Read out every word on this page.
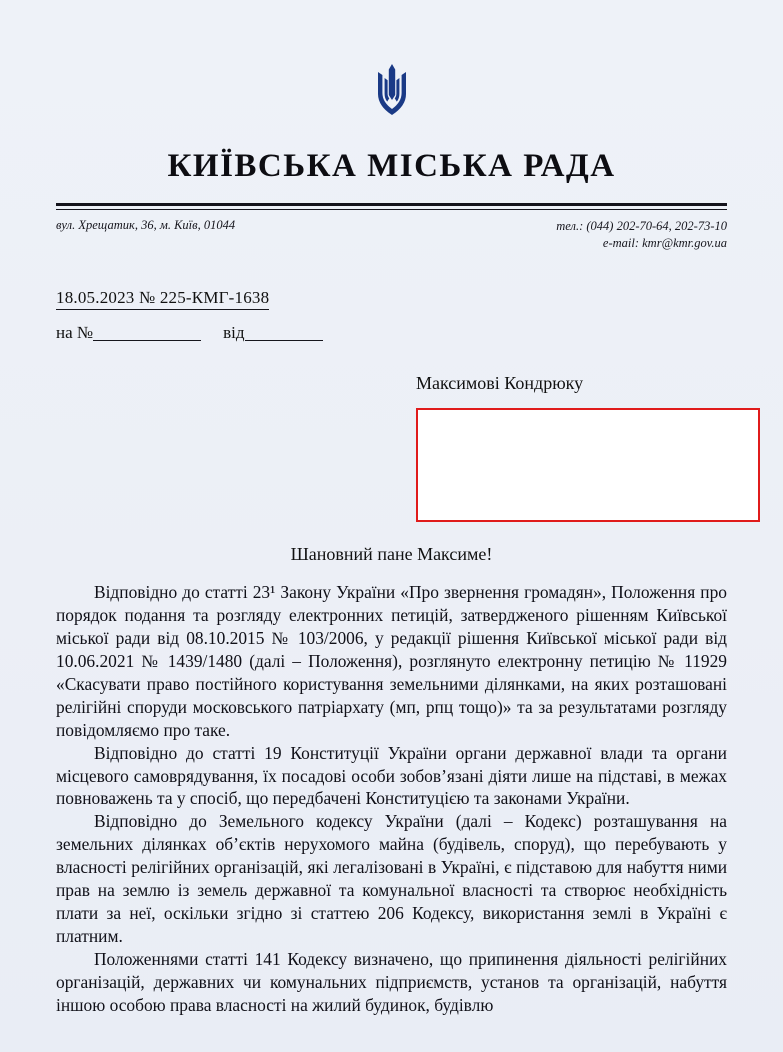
КИЇВСЬКА МІСЬКА РАДА
вул. Хрещатик, 36, м. Київ, 01044	тел.: (044) 202-70-64, 202-73-10
e-mail: kmr@kmr.gov.ua
18.05.2023 № 225-КМГ-1638
на №	від
Максимові Кондрюку
Шановний пане Максиме!

Відповідно до статті 23¹ Закону України «Про звернення громадян», Положення про порядок подання та розгляду електронних петицій, затвердженого рішенням Київської міської ради від 08.10.2015 № 103/2006, у редакції рішення Київської міської ради від 10.06.2021 № 1439/1480 (далі – Положення), розглянуто електронну петицію № 11929 «Скасувати право постійного користування земельними ділянками, на яких розташовані релігійні споруди московського патріархату (мп, рпц тощо)» та за результатами розгляду повідомляємо про таке.

Відповідно до статті 19 Конституції України органи державної влади та органи місцевого самоврядування, їх посадові особи зобов’язані діяти лише на підставі, в межах повноважень та у спосіб, що передбачені Конституцією та законами України.

Відповідно до Земельного кодексу України (далі – Кодекс) розташування на земельних ділянках об’єктів нерухомого майна (будівель, споруд), що перебувають у власності релігійних організацій, які легалізовані в Україні, є підставою для набуття ними прав на землю із земель державної та комунальної власності та створює необхідність плати за неї, оскільки згідно зі статтею 206 Кодексу, використання землі в Україні є платним.

Положеннями статті 141 Кодексу визначено, що припинення діяльності релігійних організацій, державних чи комунальних підприємств, установ та організацій, набуття іншою особою права власності на жилий будинок, будівлю
